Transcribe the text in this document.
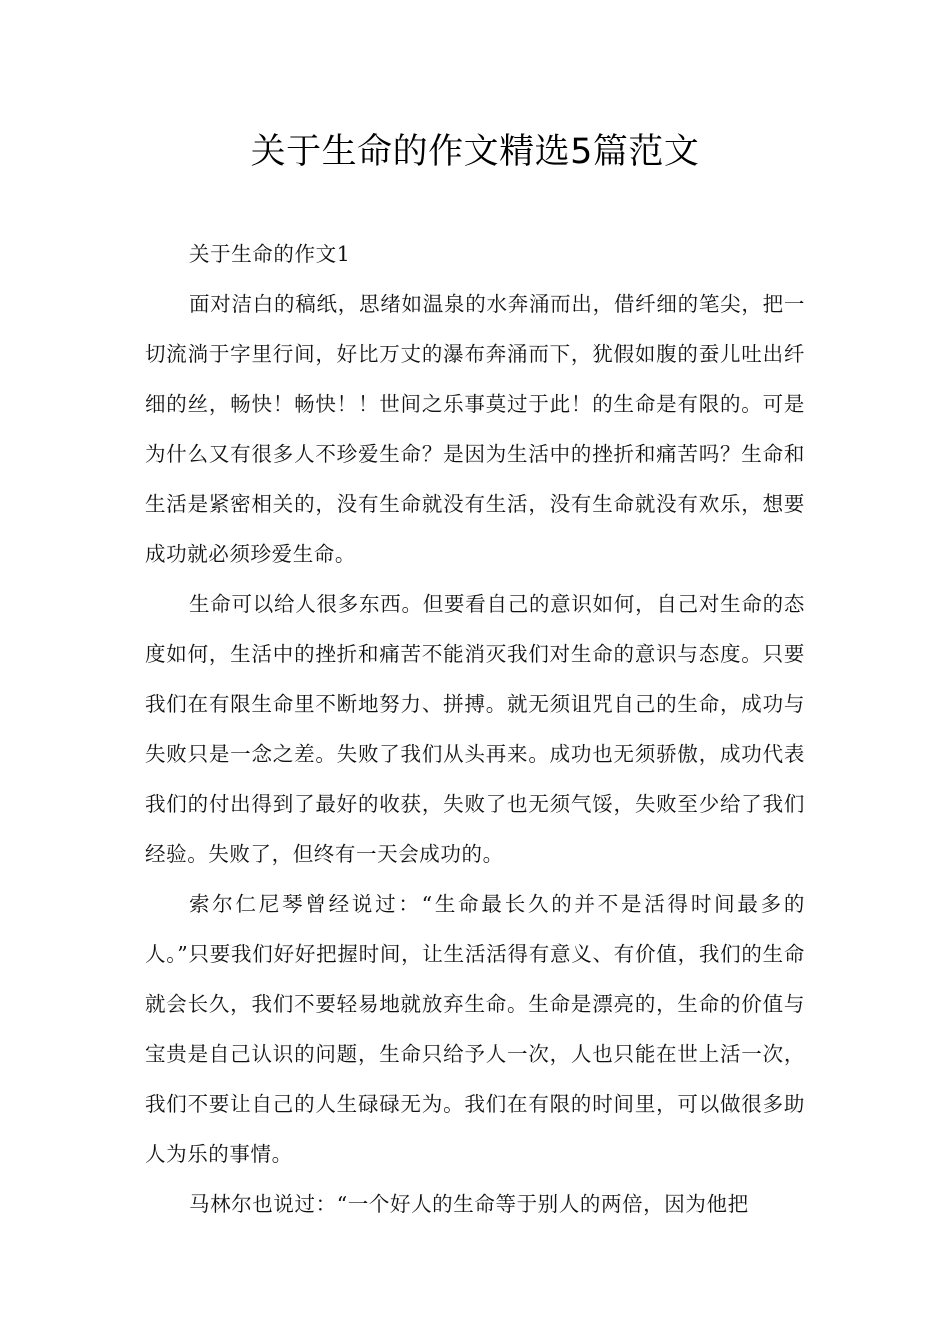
关于生命的作文精选5篇范文

关于生命的作文1

面对洁白的稿纸，思绪如温泉的水奔涌而出，借纤细的笔尖，把一切流淌于字里行间，好比万丈的瀑布奔涌而下，犹假如腹的蚕儿吐出纤细的丝，畅快！畅快！！世间之乐事莫过于此！的生命是有限的。可是为什么又有很多人不珍爱生命？是因为生活中的挫折和痛苦吗？生命和生活是紧密相关的，没有生命就没有生活，没有生命就没有欢乐，想要成功就必须珍爱生命。

生命可以给人很多东西。但要看自己的意识如何，自己对生命的态度如何，生活中的挫折和痛苦不能消灭我们对生命的意识与态度。只要我们在有限生命里不断地努力、拼搏。就无须诅咒自己的生命，成功与失败只是一念之差。失败了我们从头再来。成功也无须骄傲，成功代表我们的付出得到了最好的收获，失败了也无须气馁，失败至少给了我们经验。失败了，但终有一天会成功的。

索尔仁尼琴曾经说过：“生命最长久的并不是活得时间最多的人。”只要我们好好把握时间，让生活活得有意义、有价值，我们的生命就会长久，我们不要轻易地就放弃生命。生命是漂亮的，生命的价值与宝贵是自己认识的问题，生命只给予人一次，人也只能在世上活一次，我们不要让自己的人生碌碌无为。我们在有限的时间里，可以做很多助人为乐的事情。

马林尔也说过：“一个好人的生命等于别人的两倍，因为他把
